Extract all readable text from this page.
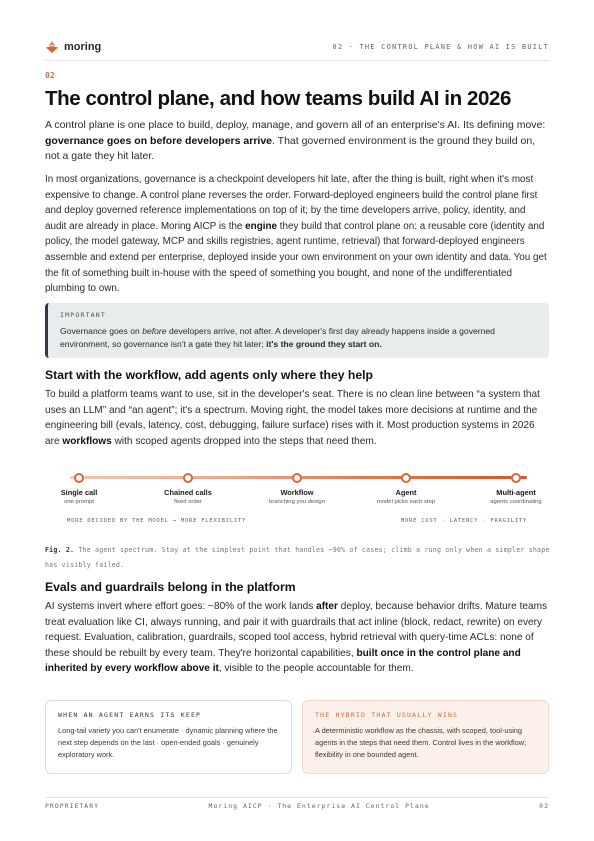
moring	02 · THE CONTROL PLANE & HOW AI IS BUILT
02
The control plane, and how teams build AI in 2026

A control plane is one place to build, deploy, manage, and govern all of an enterprise's AI. Its defining move: governance goes on before developers arrive. That governed environment is the ground they build on, not a gate they hit later.

In most organizations, governance is a checkpoint developers hit late, after the thing is built, right when it's most expensive to change. A control plane reverses the order. Forward-deployed engineers build the control plane first and deploy governed reference implementations on top of it; by the time developers arrive, policy, identity, and audit are already in place. Moring AICP is the engine they build that control plane on: a reusable core (identity and policy, the model gateway, MCP and skills registries, agent runtime, retrieval) that forward-deployed engineers assemble and extend per enterprise, deployed inside your own environment on your own identity and data. You get the fit of something built in-house with the speed of something you bought, and none of the undifferentiated plumbing to own.

IMPORTANT
Governance goes on before developers arrive, not after. A developer's first day already happens inside a governed environment, so governance isn't a gate they hit later; it's the ground they start on.
Start with the workflow, add agents only where they help

To build a platform teams want to use, sit in the developer's seat. There is no clean line between “a system that uses an LLM” and “an agent”; it's a spectrum. Moving right, the model takes more decisions at runtime and the engineering bill (evals, latency, cost, debugging, failure surface) rises with it. Most production systems in 2026 are workflows with scoped agents dropped into the steps that need them.

Single call
one prompt
Chained calls
fixed order
Workflow
branching you design
Agent
model picks each step
Multi-agent
agents coordinating
MORE DECIDED BY THE MODEL → MORE FLEXIBILITY	MORE COST · LATENCY · FRAGILITY

Fig. 2. The agent spectrum. Stay at the simplest point that handles ~90% of cases; climb a rung only when a simpler shape has visibly failed.

Evals and guardrails belong in the platform

AI systems invert where effort goes: ~80% of the work lands after deploy, because behavior drifts. Mature teams treat evaluation like CI, always running, and pair it with guardrails that act inline (block, redact, rewrite) on every request. Evaluation, calibration, guardrails, scoped tool access, hybrid retrieval with query-time ACLs: none of these should be rebuilt by every team. They're horizontal capabilities, built once in the control plane and inherited by every workflow above it, visible to the people accountable for them.

WHEN AN AGENT EARNS ITS KEEP
Long-tail variety you can't enumerate · dynamic planning where the next step depends on the last · open-ended goals · genuinely exploratory work.
THE HYBRID THAT USUALLY WINS
A deterministic workflow as the chassis, with scoped, tool-using agents in the steps that need them. Control lives in the workflow; flexibility in one bounded agent.
PROPRIETARY	Moring AICP · The Enterprise AI Control Plane	02
